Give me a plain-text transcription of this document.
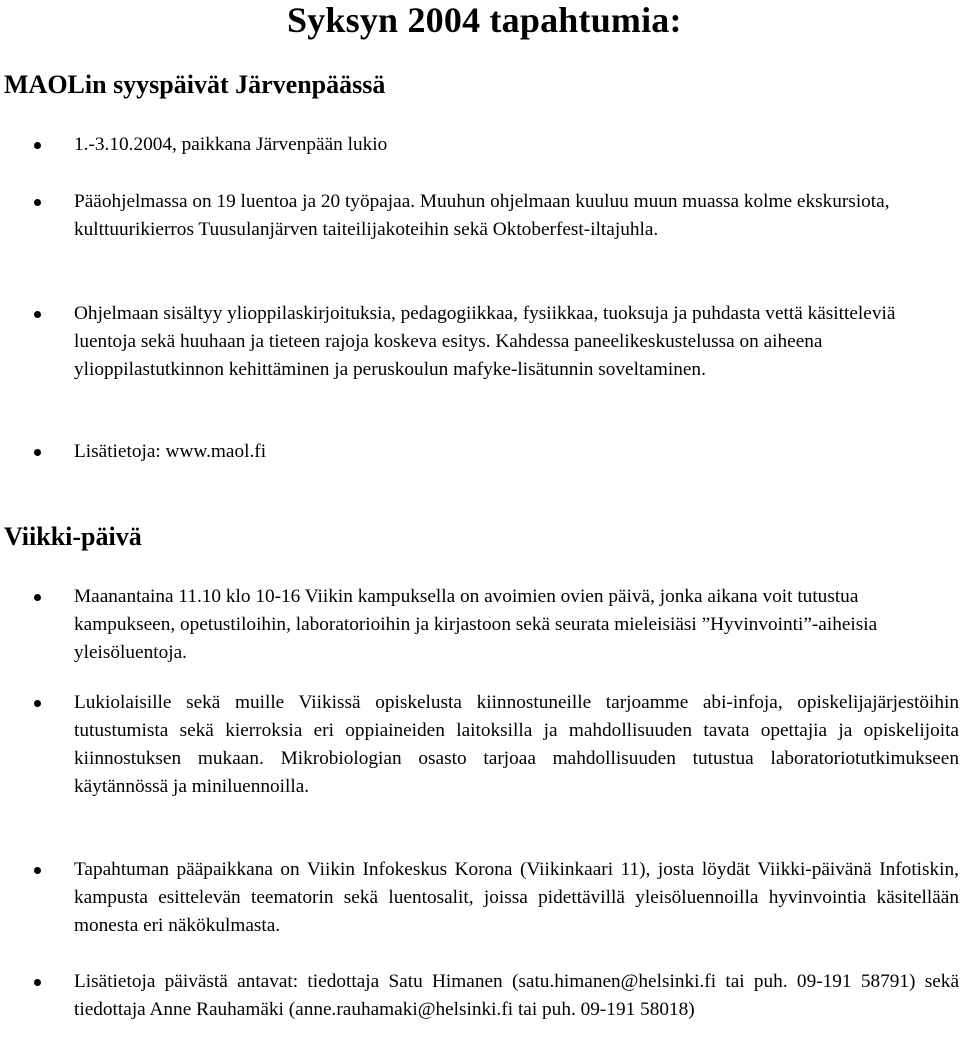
Syksyn 2004 tapahtumia:
MAOLin syyspäivät Järvenpäässä
1.-3.10.2004, paikkana Järvenpään lukio
Pääohjelmassa on 19 luentoa ja 20 työpajaa. Muuhun ohjelmaan kuuluu muun muassa kolme ekskursiota, kulttuurikierros Tuusulanjärven taiteilijakoteihin sekä Oktoberfest-iltajuhla.
Ohjelmaan sisältyy ylioppilaskirjoituksia, pedagogiikkaa, fysiikkaa, tuoksuja ja puhdasta vettä käsitteleviä luentoja sekä huuhaan ja tieteen rajoja koskeva esitys. Kahdessa paneelikeskustelussa on aiheena ylioppilastutkinnon kehittäminen ja peruskoulun mafyke-lisätunnin soveltaminen.
Lisätietoja: www.maol.fi
Viikki-päivä
Maanantaina 11.10 klo 10-16 Viikin kampuksella on avoimien ovien päivä, jonka aikana voit tutustua kampukseen, opetustiloihin, laboratorioihin ja kirjastoon sekä seurata mieleisiäsi ”Hyvinvointi”-aiheisia yleisöluentoja.
Lukiolaisille sekä muille Viikissä opiskelusta kiinnostuneille tarjoamme abi-infoja, opiskelijajärjestöihin tutustumista sekä kierroksia eri oppiaineiden laitoksilla ja mahdollisuuden tavata opettajia ja opiskelijoita kiinnostuksen mukaan. Mikrobiologian osasto tarjoaa mahdollisuuden tutustua laboratoriotutkimukseen käytännössä ja miniluennoilla.
Tapahtuman pääpaikkana on Viikin Infokeskus Korona (Viikinkaari 11), josta löydät Viikki-päivänä Infotiskin, kampusta esittelevän teematorin sekä luentosalit, joissa pidettävillä yleisöluennoilla hyvinvointia käsitellään monesta eri näkökulmasta.
Lisätietoja päivästä antavat: tiedottaja Satu Himanen (satu.himanen@helsinki.fi tai puh. 09-191 58791) sekä tiedottaja Anne Rauhamäki (anne.rauhamaki@helsinki.fi tai puh. 09-191 58018)
